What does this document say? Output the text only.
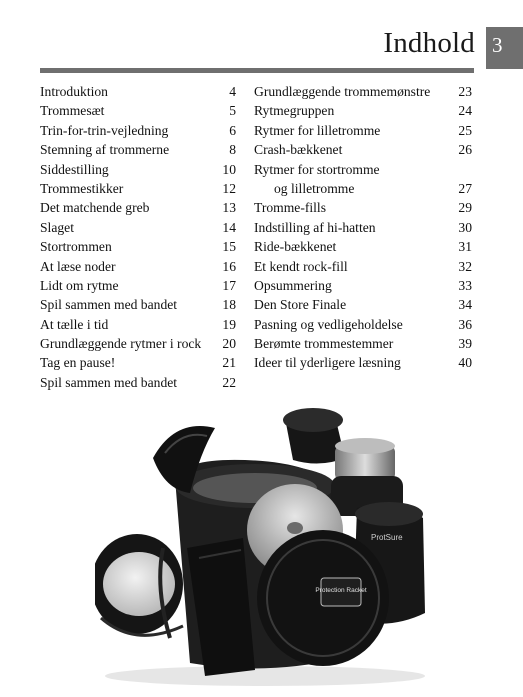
Indhold 3
Introduktion	4
Trommesæt	5
Trin-for-trin-vejledning	6
Stemning af trommerne	8
Siddestilling	10
Trommestikker	12
Det matchende greb	13
Slaget	14
Stortrommen	15
At læse noder	16
Lidt om rytme	17
Spil sammen med bandet	18
At tælle i tid	19
Grundlæggende rytmer i rock 20
Tag en pause!	21
Spil sammen med bandet	22
Grundlæggende trommemønstre 23
Rytmegruppen	24
Rytmer for lilletromme	25
Crash-bækkenet	26
Rytmer for stortromme
og lilletromme	27
Tromme-fills	29
Indstilling af hi-hatten	30
Ride-bækkenet	31
Et kendt rock-fill	32
Opsummering	33
Den Store Finale	34
Pasning og vedligeholdelse	36
Berømte trommestemmer	39
Ideer til yderligere læsning	40
ProtSure
Protection Racket
